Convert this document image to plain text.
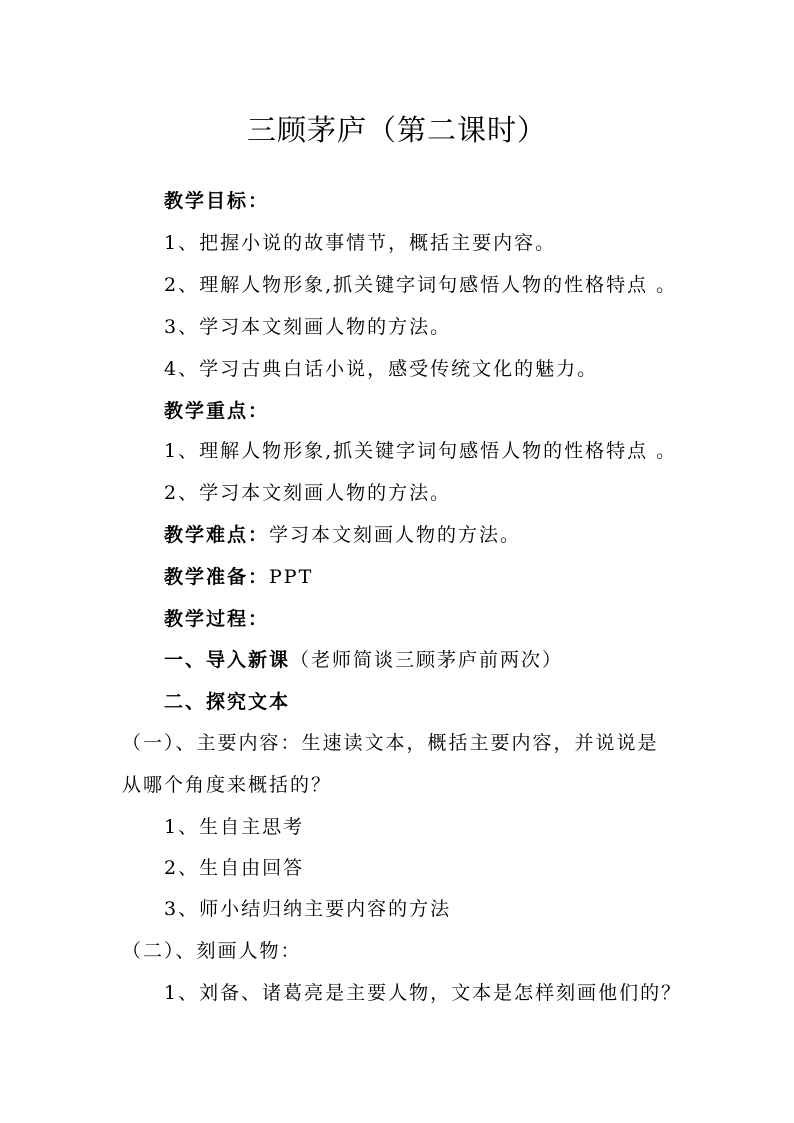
三顾茅庐（第二课时）
教学目标：
1、把握小说的故事情节，概括主要内容。
2、理解人物形象,抓关键字词句感悟人物的性格特点 。
3、学习本文刻画人物的方法。
4、学习古典白话小说，感受传统文化的魅力。
教学重点：
1、理解人物形象,抓关键字词句感悟人物的性格特点 。
2、学习本文刻画人物的方法。
教学难点：学习本文刻画人物的方法。
教学准备：PPT
教学过程：
一、导入新课（老师简谈三顾茅庐前两次）
二、探究文本
（一）、主要内容：生速读文本，概括主要内容，并说说是
从哪个角度来概括的？
1、生自主思考
2、生自由回答
3、师小结归纳主要内容的方法
（二）、刻画人物：
1、刘备、诸葛亮是主要人物，文本是怎样刻画他们的？
